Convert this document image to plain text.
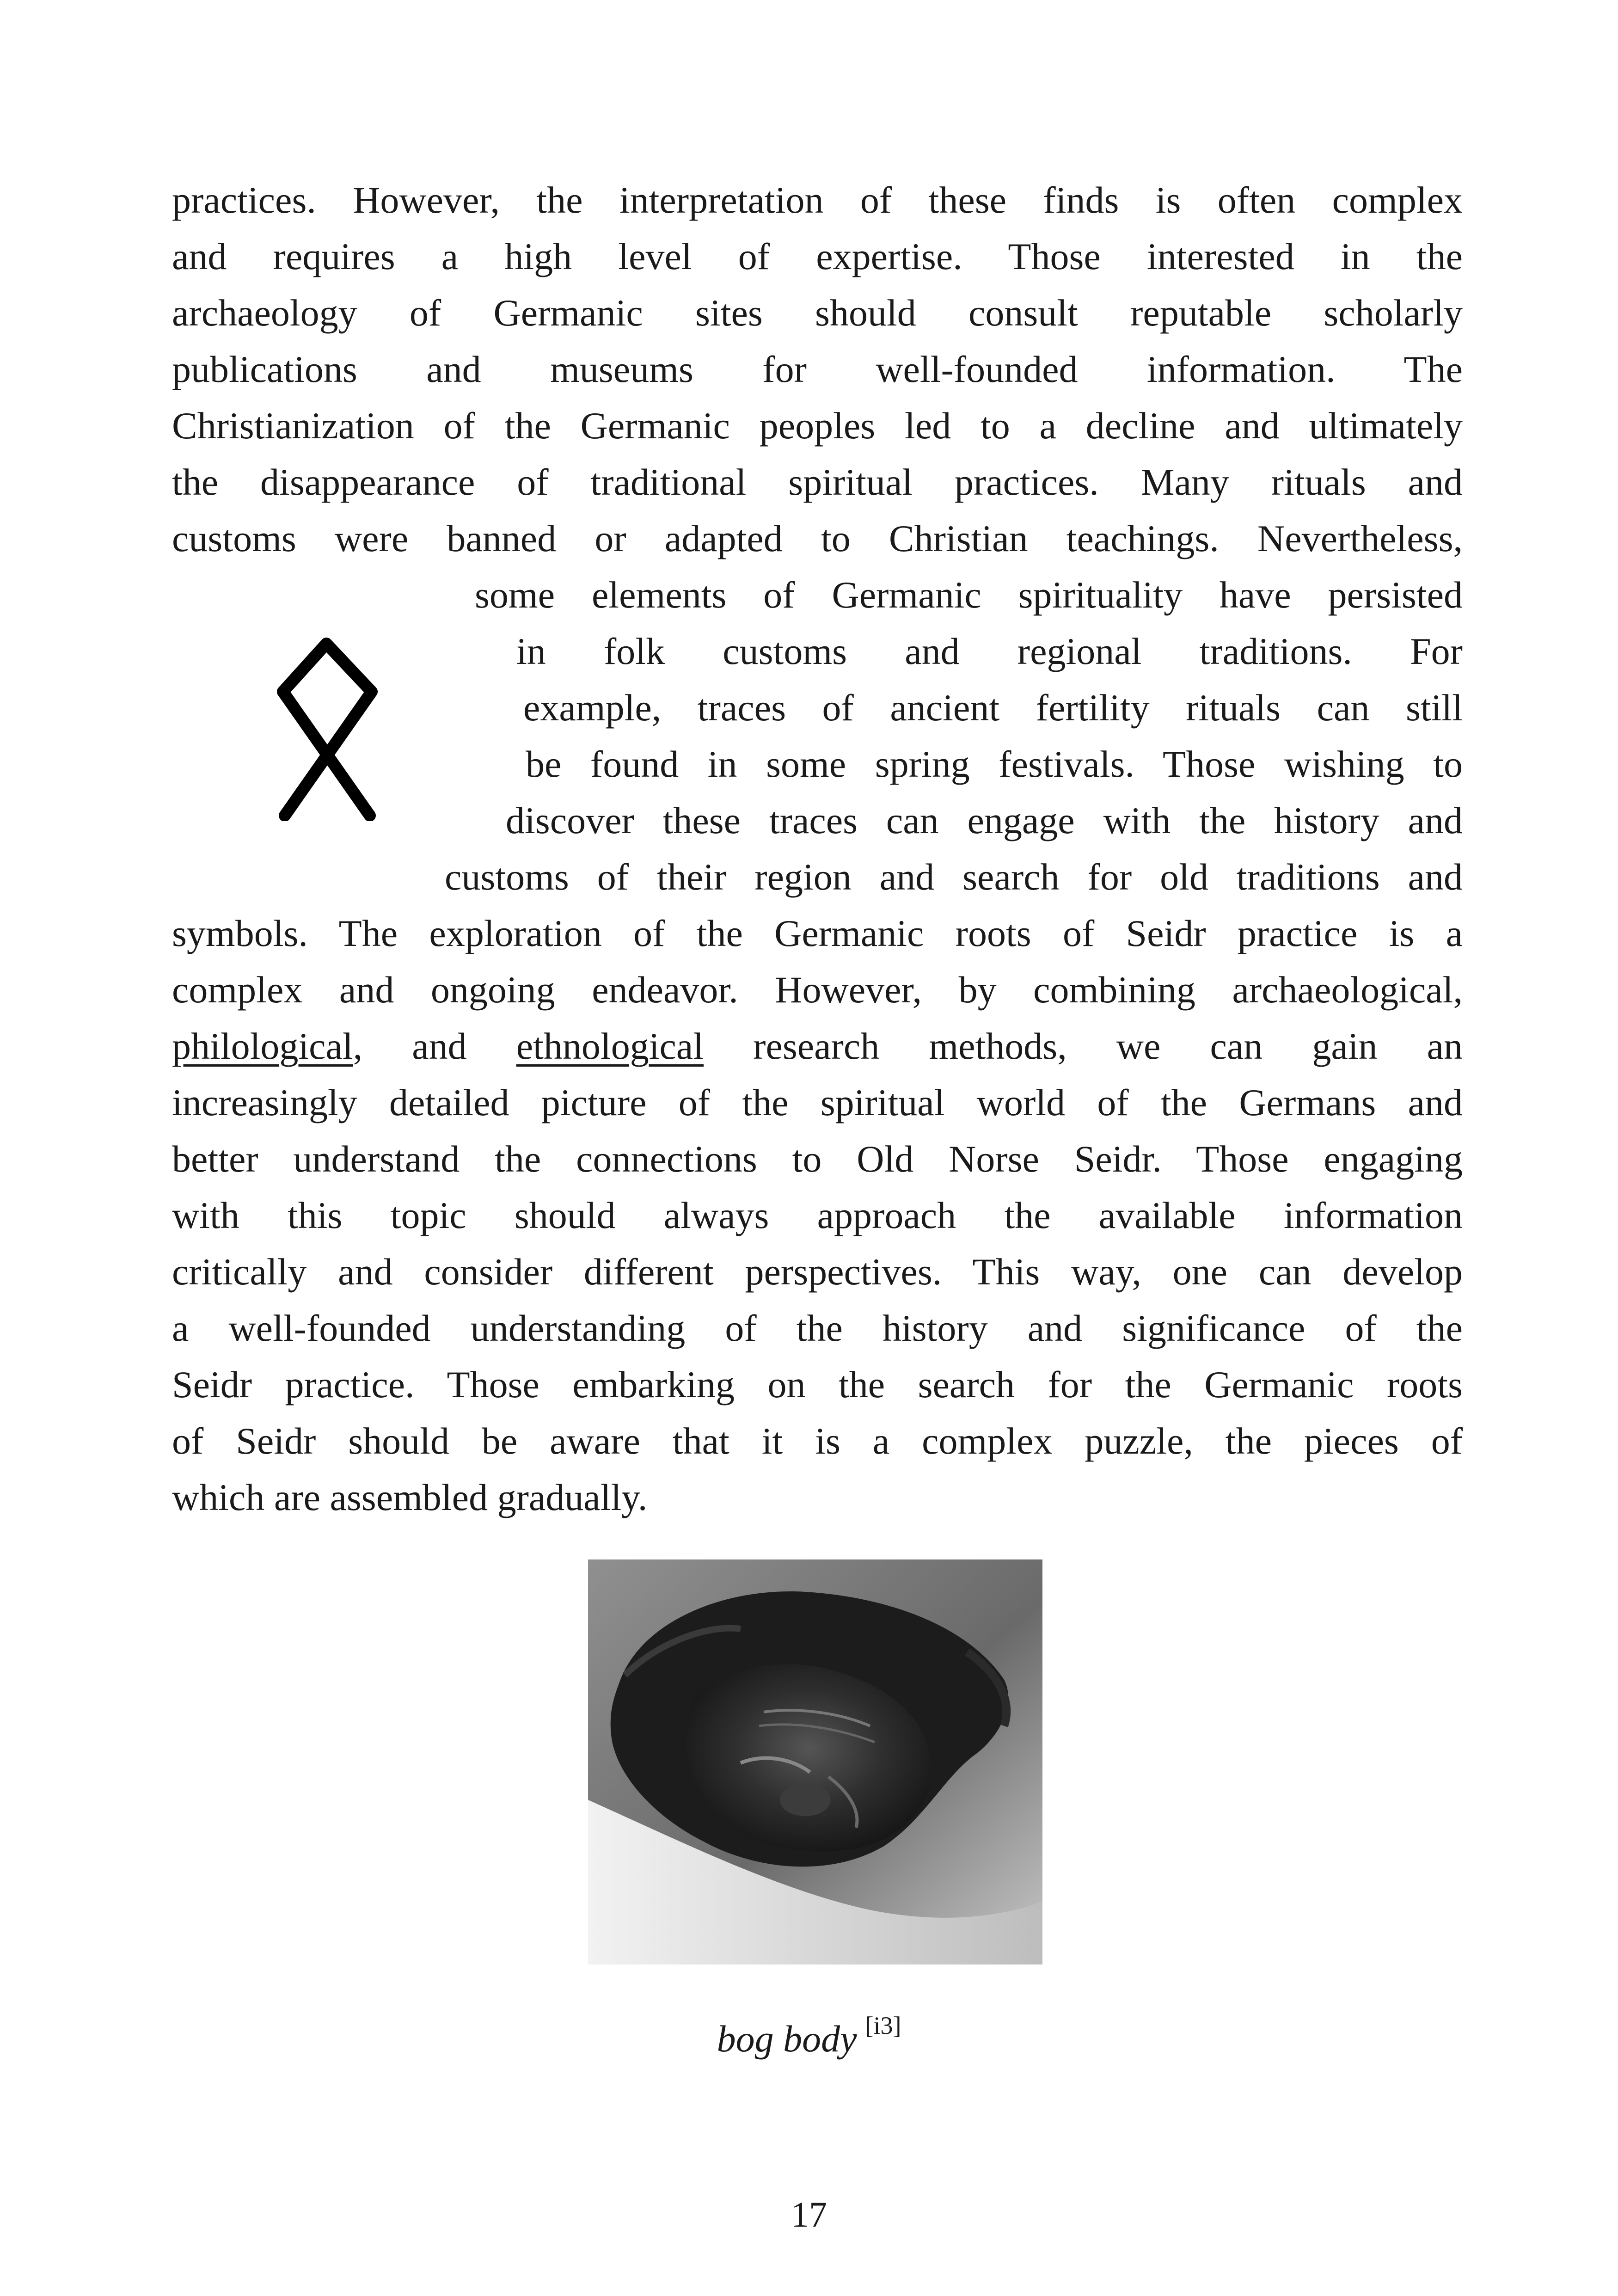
practices. However, the interpretation of these finds is often complex
and requires a high level of expertise. Those interested in the
archaeology of Germanic sites should consult reputable scholarly
publications and museums for well-founded information. The
Christianization of the Germanic peoples led to a decline and ultimately
the disappearance of traditional spiritual practices. Many rituals and
customs were banned or adapted to Christian teachings. Nevertheless,
some elements of Germanic spirituality have persisted
in folk customs and regional traditions. For
example, traces of ancient fertility rituals can still
be found in some spring festivals. Those wishing to
discover these traces can engage with the history and
customs of their region and search for old traditions and
symbols. The exploration of the Germanic roots of Seidr practice is a
complex and ongoing endeavor. However, by combining archaeological,
philological, and ethnological research methods, we can gain an
increasingly detailed picture of the spiritual world of the Germans and
better understand the connections to Old Norse Seidr. Those engaging
with this topic should always approach the available information
critically and consider different perspectives. This way, one can develop
a well-founded understanding of the history and significance of the
Seidr practice. Those embarking on the search for the Germanic roots
of Seidr should be aware that it is a complex puzzle, the pieces of
which are assembled gradually.
bog body [i3]
17
